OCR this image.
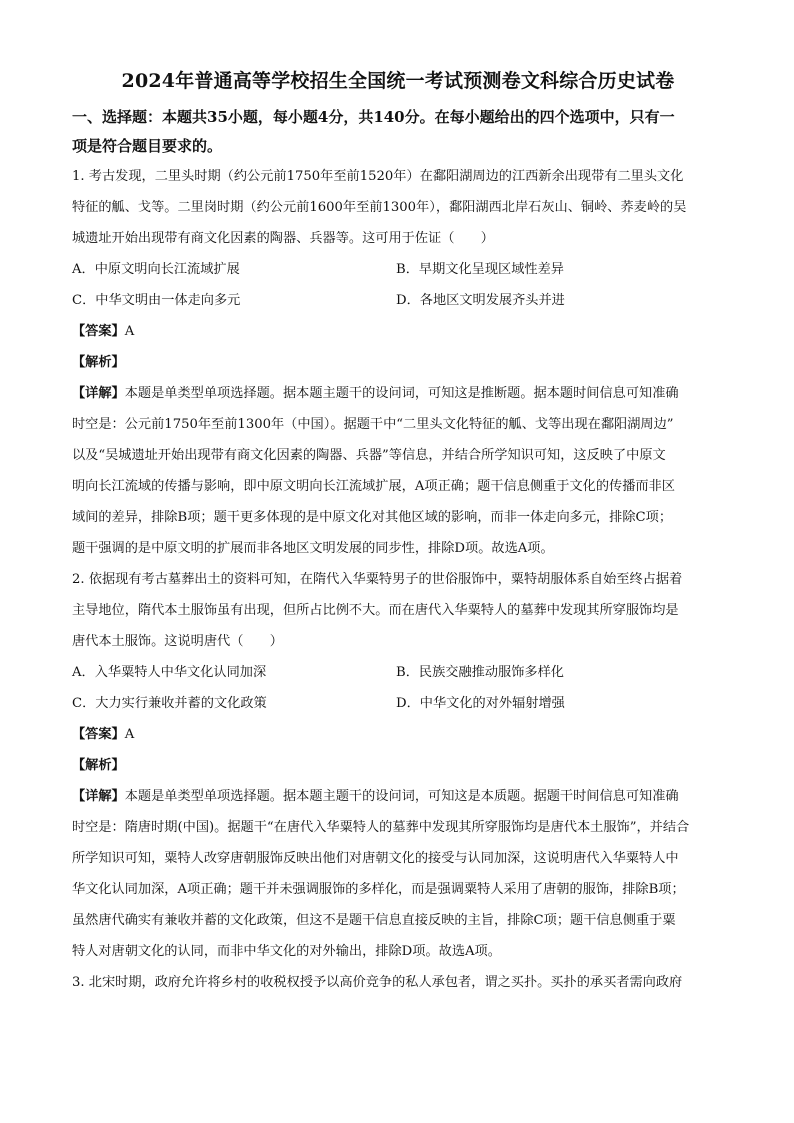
2024年普通高等学校招生全国统一考试预测卷文科综合历史试卷
一、选择题：本题共35小题，每小题4分，共140分。在每小题给出的四个选项中，只有一
项是符合题目要求的。

1. 考古发现，二里头时期（约公元前1750年至前1520年）在鄱阳湖周边的江西新余出现带有二里头文化

特征的觚、戈等。二里岗时期（约公元前1600年至前1300年），鄱阳湖西北岸石灰山、铜岭、荞麦岭的吴

城遗址开始出现带有商文化因素的陶器、兵器等。这可用于佐证（　　）

A．中原文明向长江流域扩展	B．早期文化呈现区域性差异
C．中华文明由一体走向多元	D．各地区文明发展齐头并进
【答案】A
【解析】

【详解】本题是单类型单项选择题。据本题主题干的设问词，可知这是推断题。据本题时间信息可知准确

时空是：公元前1750年至前1300年（中国）。据题干中“二里头文化特征的觚、戈等出现在鄱阳湖周边”

以及“吴城遗址开始出现带有商文化因素的陶器、兵器”等信息，并结合所学知识可知，这反映了中原文

明向长江流域的传播与影响，即中原文明向长江流域扩展，A项正确；题干信息侧重于文化的传播而非区

域间的差异，排除B项；题干更多体现的是中原文化对其他区域的影响，而非一体走向多元，排除C项；

题干强调的是中原文明的扩展而非各地区文明发展的同步性，排除D项。故选A项。

2. 依据现有考古墓葬出土的资料可知，在隋代入华粟特男子的世俗服饰中，粟特胡服体系自始至终占据着

主导地位，隋代本土服饰虽有出现，但所占比例不大。而在唐代入华粟特人的墓葬中发现其所穿服饰均是

唐代本土服饰。这说明唐代（　　）

A．入华粟特人中华文化认同加深	B．民族交融推动服饰多样化
C．大力实行兼收并蓄的文化政策	D．中华文化的对外辐射增强
【答案】A
【解析】

【详解】本题是单类型单项选择题。据本题主题干的设问词，可知这是本质题。据题干时间信息可知准确

时空是：隋唐时期(中国)。据题干“在唐代入华粟特人的墓葬中发现其所穿服饰均是唐代本土服饰”，并结合

所学知识可知，粟特人改穿唐朝服饰反映出他们对唐朝文化的接受与认同加深，这说明唐代入华粟特人中

华文化认同加深，A项正确；题干并未强调服饰的多样化，而是强调粟特人采用了唐朝的服饰，排除B项；

虽然唐代确实有兼收并蓄的文化政策，但这不是题干信息直接反映的主旨，排除C项；题干信息侧重于粟

特人对唐朝文化的认同，而非中华文化的对外输出，排除D项。故选A项。

3. 北宋时期，政府允许将乡村的收税权授予以高价竞争的私人承包者，谓之买扑。买扑的承买者需向政府
